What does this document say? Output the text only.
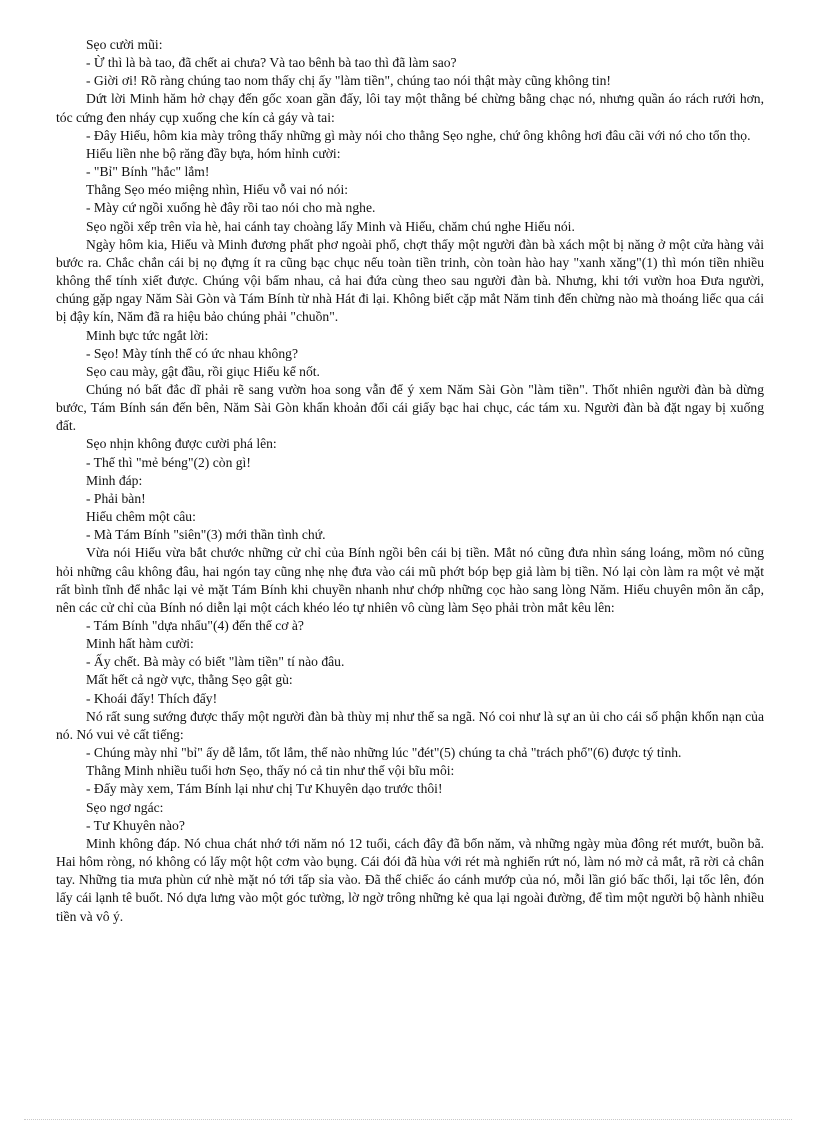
Sẹo cười mũi:

- Ừ thì là bà tao, đã chết ai chưa? Và tao bênh bà tao thì đã làm sao?

- Giời ơi! Rõ ràng chúng tao nom thấy chị ấy "làm tiền", chúng tao nói thật mày cũng không tin!

Dứt lời Minh hăm hở chạy đến gốc xoan gần đấy, lôi tay một thằng bé chừng bằng chạc nó, nhưng quần áo rách rưới hơn, tóc cứng đen nháy cụp xuống che kín cả gáy và tai:

- Đây Hiếu, hôm kia mày trông thấy những gì mày nói cho thằng Sẹo nghe, chứ ông không hơi đâu cãi với nó cho tổn thọ.

Hiếu liền nhe bộ răng đầy bựa, hóm hỉnh cười:

- "Bỉ" Bính "hắc" lắm!

Thằng Sẹo méo miệng nhìn, Hiếu vỗ vai nó nói:

- Mày cứ ngồi xuống hè đây rồi tao nói cho mà nghe.

Sẹo ngồi xếp trên vỉa hè, hai cánh tay choàng lấy Minh và Hiếu, chăm chú nghe Hiếu nói.

Ngày hôm kia, Hiếu và Minh đương phất phơ ngoài phố, chợt thấy một người đàn bà xách một bị năng ở một cửa hàng vải bước ra. Chắc chắn cái bị nọ đựng ít ra cũng bạc chục nếu toàn tiền trinh, còn toàn hào hay "xanh xăng"(1) thì món tiền nhiều không thể tính xiết được. Chúng vội bấm nhau, cả hai đứa cùng theo sau người đàn bà. Nhưng, khi tới vườn hoa Đưa người, chúng gặp ngay Năm Sài Gòn và Tám Bính từ nhà Hát đi lại. Không biết cặp mắt Năm tinh đến chừng nào mà thoáng liếc qua cái bị đậy kín, Năm đã ra hiệu bảo chúng phải "chuồn".

Minh bực tức ngắt lời:

- Sẹo! Mày tính thế có ức nhau không?

Sẹo cau mày, gật đầu, rồi giục Hiếu kể nốt.

Chúng nó bất đắc dĩ phải rẽ sang vườn hoa song vẫn để ý xem Năm Sài Gòn "làm tiền". Thốt nhiên người đàn bà dừng bước, Tám Bính sán đến bên, Năm Sài Gòn khẩn khoản đổi cái giấy bạc hai chục, các tám xu. Người đàn bà đặt ngay bị xuống đất.

Sẹo nhịn không được cười phá lên:

- Thế thì "mẻ béng"(2) còn gì!

Minh đáp:

- Phải bàn!

Hiếu chêm một câu:

- Mà Tám Bính "siên"(3) mới thần tình chứ.

Vừa nói Hiếu vừa bắt chước những cử chỉ của Bính ngồi bên cái bị tiền. Mắt nó cũng đưa nhìn sáng loáng, mồm nó cũng hỏi những câu không đâu, hai ngón tay cũng nhẹ nhẹ đưa vào cái mũ phớt bóp bẹp giả làm bị tiền. Nó lại còn làm ra một vẻ mặt rất bình tĩnh để nhắc lại vẻ mặt Tám Bính khi chuyền nhanh như chớp những cọc hào sang lòng Năm. Hiếu chuyên môn ăn cắp, nên các cử chỉ của Bính nó diễn lại một cách khéo léo tự nhiên vô cùng làm Sẹo phải tròn mắt kêu lên:

- Tám Bính "dựa nhẩu"(4) đến thế cơ à?

Minh hất hàm cười:

- Ấy chết. Bà mày có biết "làm tiền" tí nào đâu.

Mất hết cả ngờ vực, thằng Sẹo gật gù:

- Khoái đấy! Thích đấy!

Nó rất sung sướng được thấy một người đàn bà thùy mị như thế sa ngã. Nó coi như là sự an ủi cho cái số phận khốn nạn của nó. Nó vui vẻ cất tiếng:

- Chúng mày nhỉ "bỉ" ấy dễ lắm, tốt lắm, thế nào những lúc "đét"(5) chúng ta chả "trách phổ"(6) được tý tỉnh.

Thằng Minh nhiều tuổi hơn Sẹo, thấy nó cả tin như thế vội bĩu môi:

- Đấy mày xem, Tám Bính lại như chị Tư Khuyên dạo trước thôi!

Sẹo ngơ ngác:

- Tư Khuyên nào?

Minh không đáp. Nó chua chát nhớ tới năm nó 12 tuổi, cách đây đã bốn năm, và những ngày mùa đông rét mướt, buồn bã. Hai hôm ròng, nó không có lấy một hột cơm vào bụng. Cái đói đã hùa với rét mà nghiến rứt nó, làm nó mờ cả mắt, rã rời cả chân tay. Những tia mưa phùn cứ nhè mặt nó tới tấp sỉa vào. Đã thế chiếc áo cánh mướp của nó, mỗi lần gió bấc thổi, lại tốc lên, đón lấy cái lạnh tê buốt. Nó dựa lưng vào một góc tường, lờ ngờ trông những kẻ qua lại ngoài đường, để tìm một người bộ hành nhiều tiền và vô ý.
